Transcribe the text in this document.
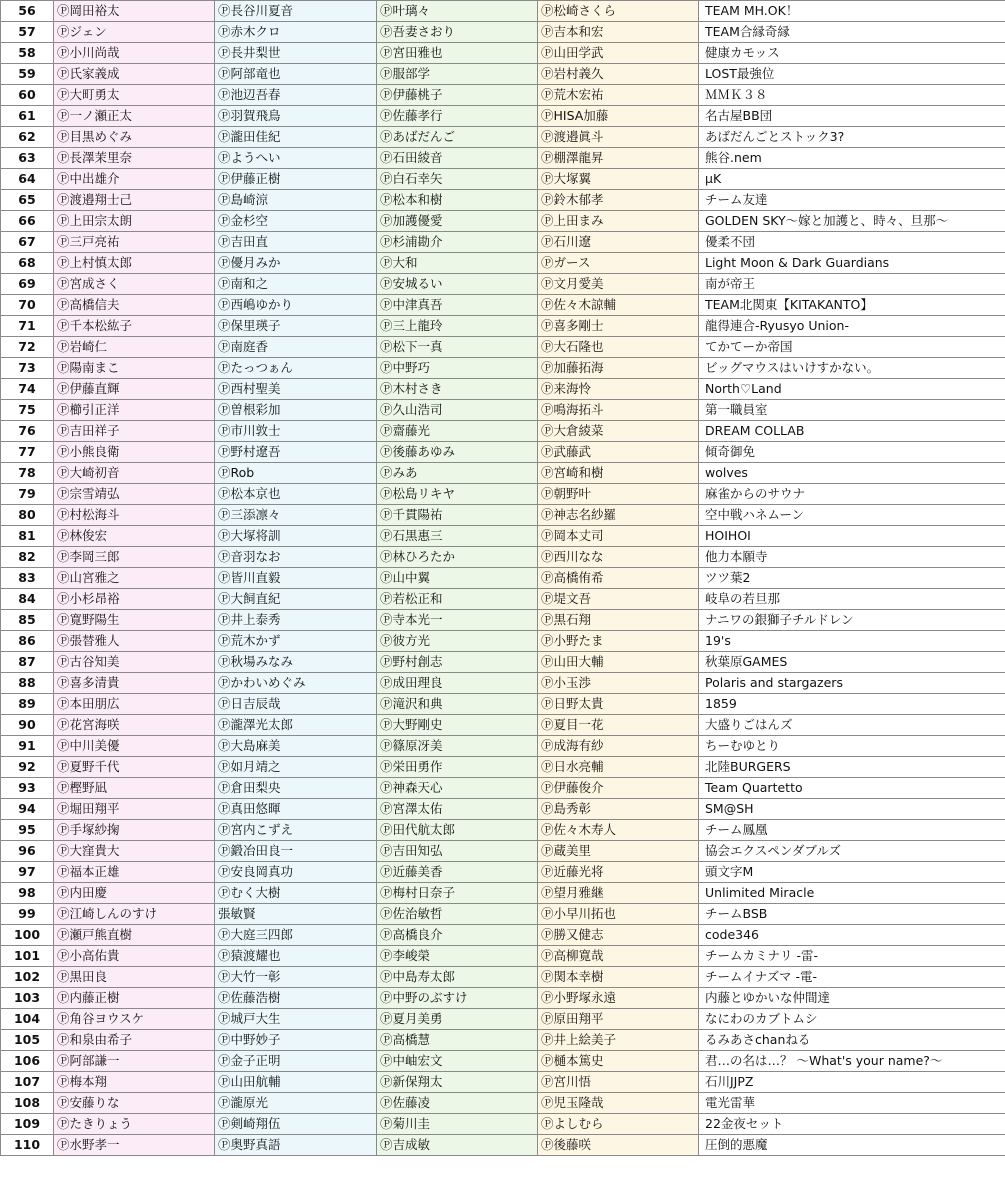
56	Ⓟ岡田裕太	Ⓟ長谷川夏音	Ⓟ叶璃々	Ⓟ松崎さくら	TEAM MH.OK！
57	Ⓟジェン	Ⓟ赤木クロ	Ⓟ吾妻さおり	Ⓟ吉本和宏	TEAM合縁奇縁
58	Ⓟ小川尚哉	Ⓟ長井梨世	Ⓟ宮田雅也	Ⓟ山田学武	健康カモッス
59	Ⓟ氏家義成	Ⓟ阿部竜也	Ⓟ服部学	Ⓟ岩村義久	LOST最強位
60	Ⓟ大町勇太	Ⓟ池辺吾春	Ⓟ伊藤桃子	Ⓟ荒木宏祐	ＭＭＫ３８
61	Ⓟ一ノ瀬正太	Ⓟ羽賀飛鳥	Ⓟ佐藤孝行	ⓅHISA加藤	名古屋BB団
62	Ⓟ目黒めぐみ	Ⓟ瀧田佳紀	Ⓟあばだんご	Ⓟ渡邉眞斗	あばだんごとストック3?
63	Ⓟ長澤茉里奈	Ⓟようへい	Ⓟ石田綾音	Ⓟ棚澤龍昇	熊谷.nem
64	Ⓟ中出雄介	Ⓟ伊藤正樹	Ⓟ白石幸矢	Ⓟ大塚翼	μK
65	Ⓟ渡邉翔士己	Ⓟ島崎涼	Ⓟ松本和樹	Ⓟ鈴木郁孝	チーム友達
66	Ⓟ上田宗太朗	Ⓟ金杉空	Ⓟ加護優愛	Ⓟ上田まみ	GOLDEN SKY～嫁と加護と、時々、旦那～
67	Ⓟ三戸亮祐	Ⓟ吉田直	Ⓟ杉浦勘介	Ⓟ石川遼	優柔不団
68	Ⓟ上村慎太郎	Ⓟ優月みか	Ⓟ大和	Ⓟガース	Light Moon & Dark Guardians
69	Ⓟ宮成さく	Ⓟ南和之	Ⓟ安城るい	Ⓟ文月愛美	南が帝王
70	Ⓟ高橋信夫	Ⓟ西嶋ゆかり	Ⓟ中津真吾	Ⓟ佐々木諒輔	TEAM北関東【KITAKANTO】
71	Ⓟ千本松紘子	Ⓟ保里瑛子	Ⓟ三上龍玲	Ⓟ喜多剛士	龍得連合-Ryusyo Union-
72	Ⓟ岩崎仁	Ⓟ南庭香	Ⓟ松下一真	Ⓟ大石隆也	てかてーか帝国
73	Ⓟ陽南まこ	Ⓟたっつぁん	Ⓟ中野巧	Ⓟ加藤拓海	ビッグマウスはいけすかない。
74	Ⓟ伊藤直輝	Ⓟ西村聖美	Ⓟ木村さき	Ⓟ来海怜	North♡Land
75	Ⓟ櫛引正洋	Ⓟ曽根彩加	Ⓟ久山浩司	Ⓟ鳴海拓斗	第一職員室
76	Ⓟ吉田祥子	Ⓟ市川敦士	Ⓟ齋藤光	Ⓟ大倉綾菜	DREAM COLLAB
77	Ⓟ小熊良衛	Ⓟ野村遼吾	Ⓟ後藤あゆみ	Ⓟ武藤武	傾奇御免
78	Ⓟ大崎初音	ⓅRob	Ⓟみあ	Ⓟ宮崎和樹	wolves
79	Ⓟ宗雪靖弘	Ⓟ松本京也	Ⓟ松島リキヤ	Ⓟ朝野叶	麻雀からのサウナ
80	Ⓟ村松海斗	Ⓟ三添凛々	Ⓟ千貫陽祐	Ⓟ神志名紗羅	空中戦ハネムーン
81	Ⓟ林俊宏	Ⓟ大塚将訓	Ⓟ石黒惠三	Ⓟ岡本丈司	HOIHOI
82	Ⓟ李岡三郎	Ⓟ音羽なお	Ⓟ林ひろたか	Ⓟ西川なな	他力本願寺
83	Ⓟ山宮雅之	Ⓟ皆川直毅	Ⓟ山中翼	Ⓟ高橋侑希	ツツ葉2
84	Ⓟ小杉昂裕	Ⓟ大飼直紀	Ⓟ若松正和	Ⓟ堤文吾	岐阜の若旦那
85	Ⓟ寛野陽生	Ⓟ井上泰秀	Ⓟ寺本光一	Ⓟ黒石翔	ナニワの銀獅子チルドレン
86	Ⓟ張替雅人	Ⓟ荒木かず	Ⓟ彼方光	Ⓟ小野たま	19's
87	Ⓟ古谷知美	Ⓟ秋場みなみ	Ⓟ野村創志	Ⓟ山田大輔	秋葉原GAMES
88	Ⓟ喜多清貴	Ⓟかわいめぐみ	Ⓟ成田理良	Ⓟ小玉渉	Polaris and stargazers
89	Ⓟ本田朋広	Ⓟ日吉辰哉	Ⓟ滝沢和典	Ⓟ日野太貴	1859
90	Ⓟ花宮海咲	Ⓟ瀧澤光太郎	Ⓟ大野剛史	Ⓟ夏目一花	大盛りごはんズ
91	Ⓟ中川美優	Ⓟ大島麻美	Ⓟ篠原冴美	Ⓟ成海有紗	ちーむゆとり
92	Ⓟ夏野千代	Ⓟ如月靖之	Ⓟ栄田勇作	Ⓟ日水亮輔	北陸BURGERS
93	Ⓟ樫野凪	Ⓟ倉田梨央	Ⓟ神森天心	Ⓟ伊藤俊介	Team Quartetto
94	Ⓟ堀田翔平	Ⓟ真田悠暉	Ⓟ宮澤太佑	Ⓟ島秀彰	SM@SH
95	Ⓟ手塚紗掬	Ⓟ宮内こずえ	Ⓟ田代航太郎	Ⓟ佐々木寿人	チーム鳳凰
96	Ⓟ大窪貴大	Ⓟ鍛冶田良一	Ⓟ吉田知弘	Ⓟ蔵美里	協会エクスペンダブルズ
97	Ⓟ福本正雄	Ⓟ安良岡真功	Ⓟ近藤美香	Ⓟ近藤光将	頭文字M
98	Ⓟ内田慶	Ⓟむく大樹	Ⓟ梅村日奈子	Ⓟ望月雅継	Unlimited Miracle
99	Ⓟ江崎しんのすけ	張敏賢	Ⓟ佐治敏哲	Ⓟ小早川拓也	チームBSB
100	Ⓟ瀬戸熊直樹	Ⓟ大庭三四郎	Ⓟ高橋良介	Ⓟ勝又健志	code346
101	Ⓟ小高佑貴	Ⓟ猿渡耀也	Ⓟ李峻榮	Ⓟ高柳寛哉	チームカミナリ -雷-
102	Ⓟ黒田良	Ⓟ大竹一彰	Ⓟ中島寿太郎	Ⓟ関本幸樹	チームイナズマ -電-
103	Ⓟ内藤正樹	Ⓟ佐藤浩樹	Ⓟ中野のぶすけ	Ⓟ小野塚永遠	内藤とゆかいな仲間達
104	Ⓟ角谷ヨウスケ	Ⓟ城戸大生	Ⓟ夏月美勇	Ⓟ原田翔平	なにわのカブトムシ
105	Ⓟ和泉由希子	Ⓟ中野妙子	Ⓟ高橋慧	Ⓟ井上絵美子	るみあさchanねる
106	Ⓟ阿部謙一	Ⓟ金子正明	Ⓟ中岫宏文	Ⓟ樋本篤史	君…の名は…？ ～What's your name?～
107	Ⓟ梅本翔	Ⓟ山田航輔	Ⓟ新保翔太	Ⓟ宮川悟	石川JJPZ
108	Ⓟ安藤りな	Ⓟ瀧原光	Ⓟ佐藤凌	Ⓟ児玉隆哉	電光雷華
109	Ⓟたきりょう	Ⓟ剣崎翔伍	Ⓟ菊川圭	Ⓟよしむら	22金夜セット
110	Ⓟ水野孝一	Ⓟ奥野真語	Ⓟ吉成敏	Ⓟ後藤咲	圧倒的悪魔
